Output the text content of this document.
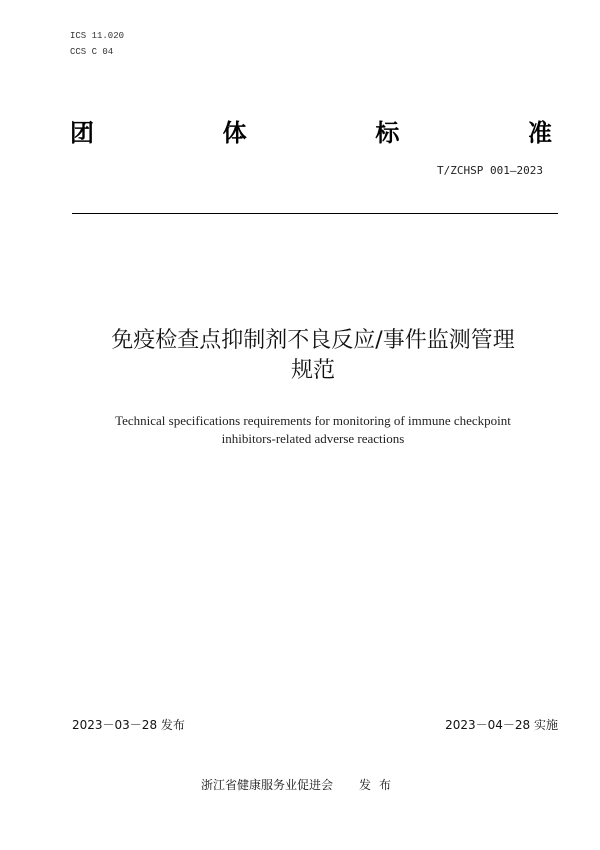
ICS 11.020
CCS C 04
团	体	标	准
T/ZCHSP 001—2023
免疫检查点抑制剂不良反应/事件监测管理
规范
Technical specifications requirements for monitoring of immune checkpoint
inhibitors-related adverse reactions
2023－03－28 发布	2023－04－28 实施
浙江省健康服务业促进会 发布
